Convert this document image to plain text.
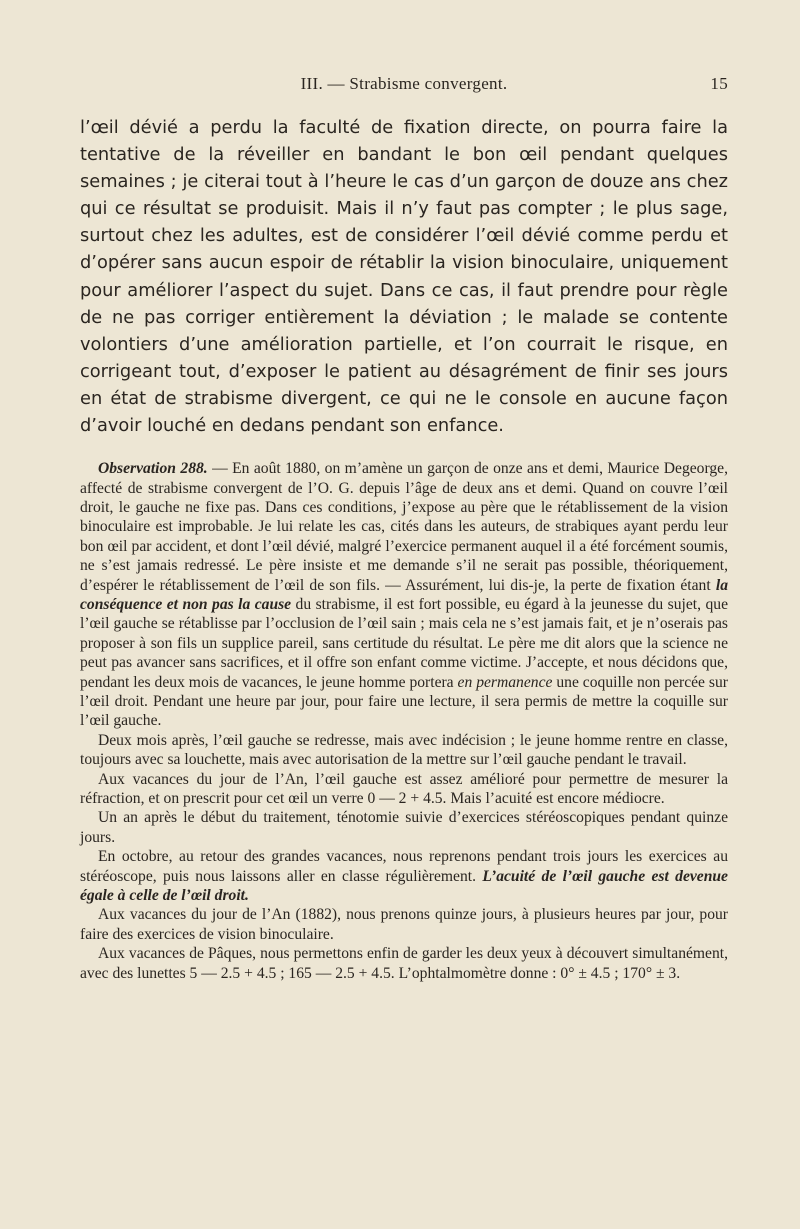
III. — Strabisme convergent.	15

l’œil dévié a perdu la faculté de fixation directe, on pourra faire la tentative de la réveiller en bandant le bon œil pendant quelques semaines ; je citerai tout à l’heure le cas d’un garçon de douze ans chez qui ce résultat se produisit. Mais il n’y faut pas compter ; le plus sage, surtout chez les adultes, est de considérer l’œil dévié comme perdu et d’opérer sans aucun espoir de rétablir la vision binoculaire, uniquement pour améliorer l’aspect du sujet. Dans ce cas, il faut prendre pour règle de ne pas corriger entièrement la déviation ; le malade se contente volontiers d’une amélioration partielle, et l’on courrait le risque, en corrigeant tout, d’exposer le patient au désagrément de finir ses jours en état de strabisme divergent, ce qui ne le console en aucune façon d’avoir louché en dedans pendant son enfance.

Observation 288. — En août 1880, on m’amène un garçon de onze ans et demi, Maurice Degeorge, affecté de strabisme convergent de l’O. G. depuis l’âge de deux ans et demi. Quand on couvre l’œil droit, le gauche ne fixe pas. Dans ces conditions, j’expose au père que le rétablissement de la vision binoculaire est improbable. Je lui relate les cas, cités dans les auteurs, de strabiques ayant perdu leur bon œil par accident, et dont l’œil dévié, malgré l’exercice permanent auquel il a été forcément soumis, ne s’est jamais redressé. Le père insiste et me demande s’il ne serait pas possible, théoriquement, d’espérer le rétablissement de l’œil de son fils. — Assurément, lui dis-je, la perte de fixation étant la conséquence et non pas la cause du strabisme, il est fort possible, eu égard à la jeunesse du sujet, que l’œil gauche se rétablisse par l’occlusion de l’œil sain ; mais cela ne s’est jamais fait, et je n’oserais pas proposer à son fils un supplice pareil, sans certitude du résultat. Le père me dit alors que la science ne peut pas avancer sans sacrifices, et il offre son enfant comme victime. J’accepte, et nous décidons que, pendant les deux mois de vacances, le jeune homme portera en permanence une coquille non percée sur l’œil droit. Pendant une heure par jour, pour faire une lecture, il sera permis de mettre la coquille sur l’œil gauche.

Deux mois après, l’œil gauche se redresse, mais avec indécision ; le jeune homme rentre en classe, toujours avec sa louchette, mais avec autorisation de la mettre sur l’œil gauche pendant le travail.

Aux vacances du jour de l’An, l’œil gauche est assez amélioré pour permettre de mesurer la réfraction, et on prescrit pour cet œil un verre 0 — 2 + 4.5. Mais l’acuité est encore médiocre.

Un an après le début du traitement, ténotomie suivie d’exercices stéréoscopiques pendant quinze jours.

En octobre, au retour des grandes vacances, nous reprenons pendant trois jours les exercices au stéréoscope, puis nous laissons aller en classe régulièrement. L’acuité de l’œil gauche est devenue égale à celle de l’œil droit.

Aux vacances du jour de l’An (1882), nous prenons quinze jours, à plusieurs heures par jour, pour faire des exercices de vision binoculaire.

Aux vacances de Pâques, nous permettons enfin de garder les deux yeux à découvert simultanément, avec des lunettes 5 — 2.5 + 4.5 ; 165 — 2.5 + 4.5. L’ophtalmomètre donne : 0° ± 4.5 ; 170° ± 3.
